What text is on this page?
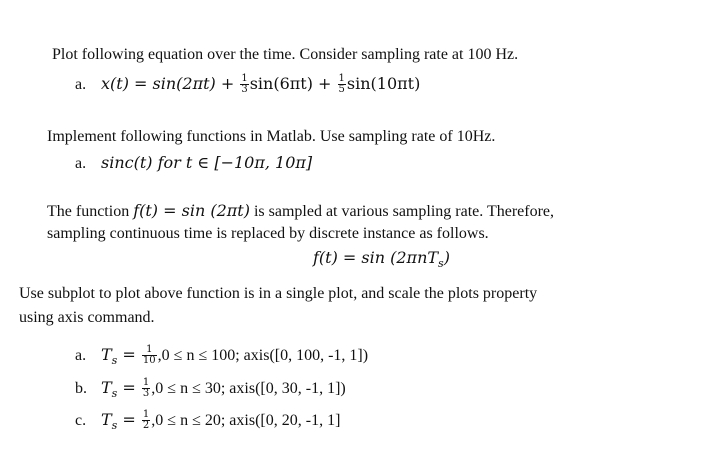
Plot following equation over the time. Consider sampling rate at 100 Hz.
a. $x(t) = \sin(2\pi t) + \frac{1}{3} \sin(6\pi t) + \frac{1}{5} \sin(10\pi t)$
Implement following functions in Matlab. Use sampling rate of 10Hz.
a. sinc(t) for t ∈ [−10π, 10π]
The function f(t) = sin (2πt) is sampled at various sampling rate. Therefore,
sampling continuous time is replaced by discrete instance as follows.
f(t) = sin (2πnT$_s$)
Use subplot to plot above function is in a single plot, and scale the plots property
using axis command.
a. $T_s = \frac{1}{10} ,0 \le n \le 100$; axis([0, 100, -1, 1])
b. $T_s = \frac{1}{3} ,0 \le n \le 30$; axis([0, 30, -1, 1])
c. $T_s = \frac{1}{2} ,0 \le n \le 20$; axis([0, 20, -1, 1]
